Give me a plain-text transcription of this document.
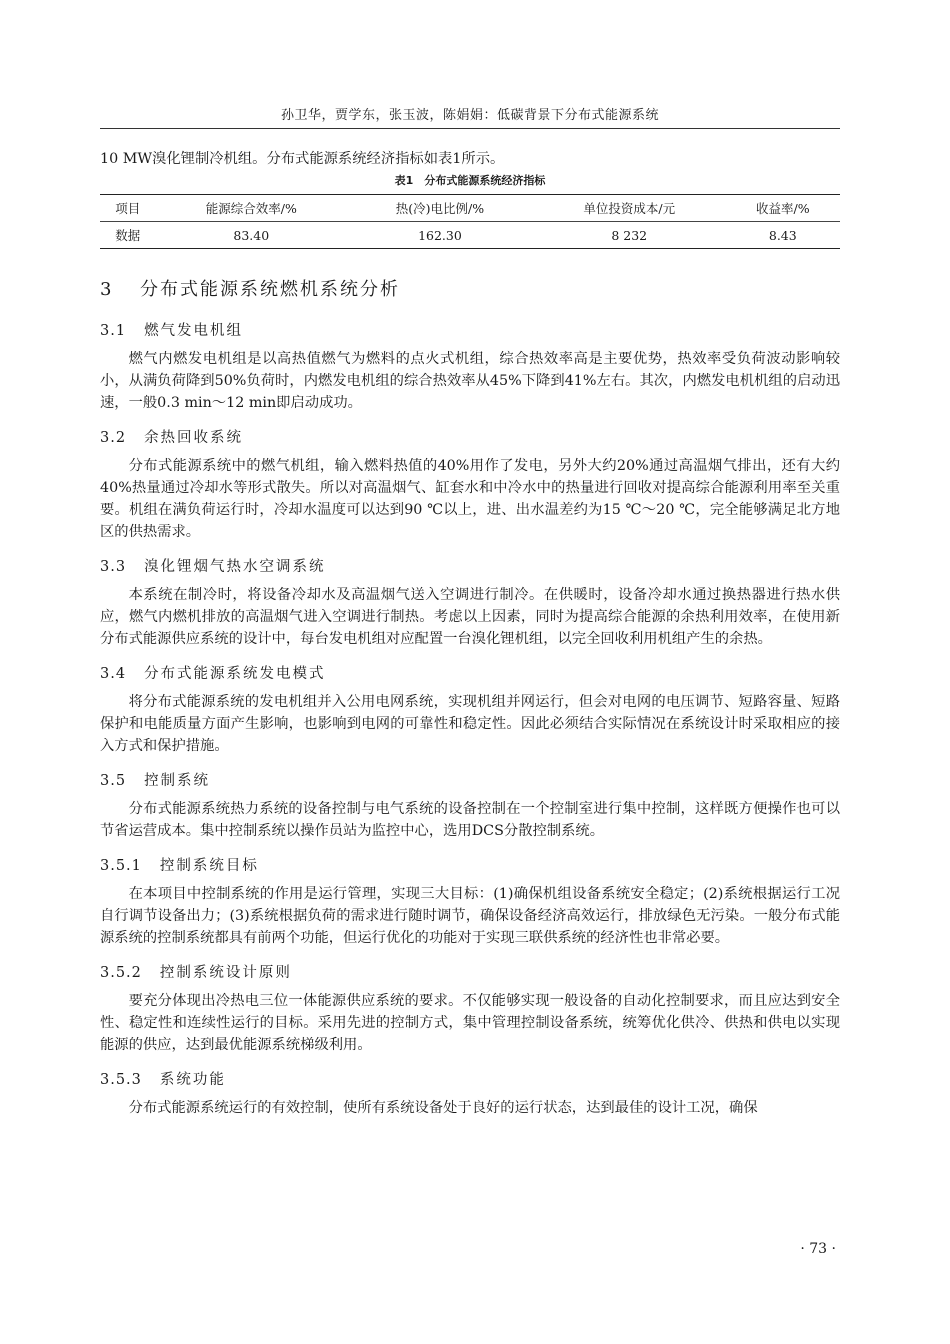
孙卫华，贾学东，张玉波，陈娟娟：低碳背景下分布式能源系统

10 MW溴化锂制冷机组。分布式能源系统经济指标如表1所示。

表1　分布式能源系统经济指标
项目	能源综合效率/%	热(冷)电比例/%	单位投资成本/元	收益率/%
数据	83.40	162.30	8 232	8.43
3 分布式能源系统燃机系统分析
3.1 燃气发电机组

燃气内燃发电机组是以高热值燃气为燃料的点火式机组，综合热效率高是主要优势，热效率受负荷波动影响较小，从满负荷降到50%负荷时，内燃发电机组的综合热效率从45%下降到41%左右。其次，内燃发电机机组的启动迅速，一般0.3 min～12 min即启动成功。

3.2 余热回收系统

分布式能源系统中的燃气机组，输入燃料热值的40%用作了发电，另外大约20%通过高温烟气排出，还有大约40%热量通过冷却水等形式散失。所以对高温烟气、缸套水和中冷水中的热量进行回收对提高综合能源利用率至关重要。机组在满负荷运行时，冷却水温度可以达到90 ℃以上，进、出水温差约为15 ℃～20 ℃，完全能够满足北方地区的供热需求。

3.3 溴化锂烟气热水空调系统

本系统在制冷时，将设备冷却水及高温烟气送入空调进行制冷。在供暖时，设备冷却水通过换热器进行热水供应，燃气内燃机排放的高温烟气进入空调进行制热。考虑以上因素，同时为提高综合能源的余热利用效率，在使用新分布式能源供应系统的设计中，每台发电机组对应配置一台溴化锂机组，以完全回收利用机组产生的余热。

3.4 分布式能源系统发电模式

将分布式能源系统的发电机组并入公用电网系统，实现机组并网运行，但会对电网的电压调节、短路容量、短路保护和电能质量方面产生影响，也影响到电网的可靠性和稳定性。因此必须结合实际情况在系统设计时采取相应的接入方式和保护措施。

3.5 控制系统

分布式能源系统热力系统的设备控制与电气系统的设备控制在一个控制室进行集中控制，这样既方便操作也可以节省运营成本。集中控制系统以操作员站为监控中心，选用DCS分散控制系统。

3.5.1 控制系统目标

在本项目中控制系统的作用是运行管理，实现三大目标：(1)确保机组设备系统安全稳定；(2)系统根据运行工况自行调节设备出力；(3)系统根据负荷的需求进行随时调节，确保设备经济高效运行，排放绿色无污染。一般分布式能源系统的控制系统都具有前两个功能，但运行优化的功能对于实现三联供系统的经济性也非常必要。

3.5.2 控制系统设计原则

要充分体现出冷热电三位一体能源供应系统的要求。不仅能够实现一般设备的自动化控制要求，而且应达到安全性、稳定性和连续性运行的目标。采用先进的控制方式，集中管理控制设备系统，统筹优化供冷、供热和供电以实现能源的供应，达到最优能源系统梯级利用。

3.5.3 系统功能

分布式能源系统运行的有效控制，使所有系统设备处于良好的运行状态，达到最佳的设计工况，确保

· 73 ·
